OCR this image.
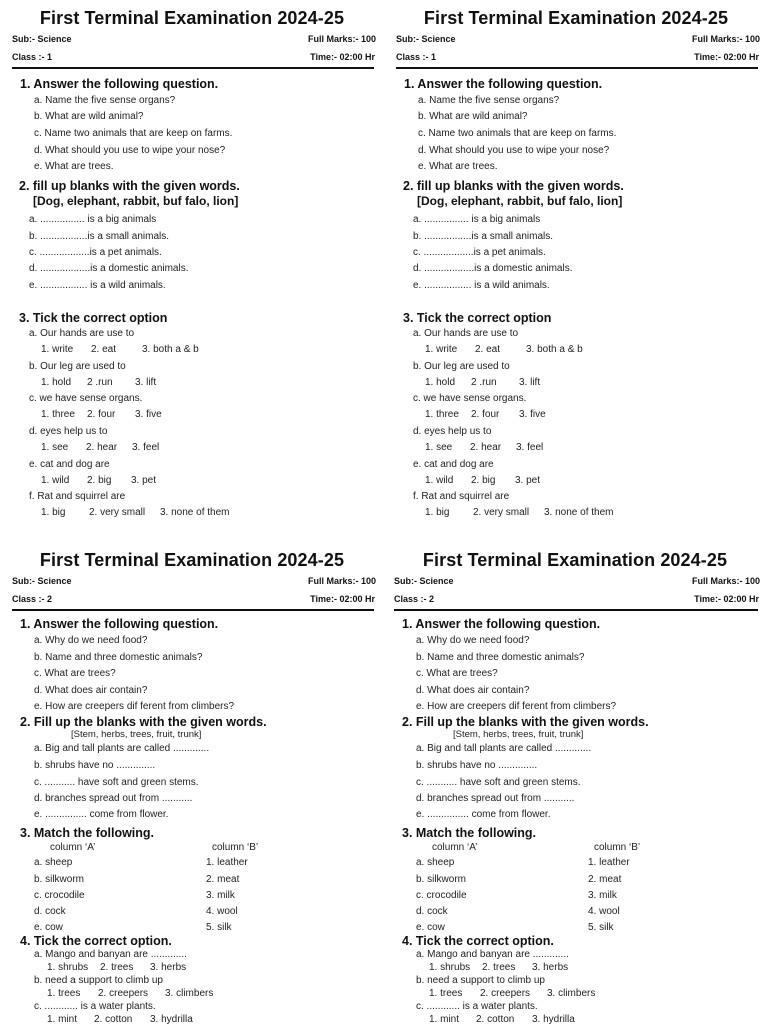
First Terminal Examination 2024-25
Sub:- Science	Full Marks:- 100
Class :- 1	Time:- 02:00 Hr
1. Answer the following question.
a. Name the five sense organs?
b. What are wild animal?
c. Name two animals that are keep on farms.
d. What should you use to wipe your nose?
e. What are trees.
2. fill up blanks with the given words.
[Dog, elephant, rabbit, buf falo, lion]
a. ................ is a big animals
b. .................is a small animals.
c. ..................is a pet animals.
d. ..................is a domestic animals.
e. ................. is a wild animals.
3. Tick the correct option
a. Our hands are use to
1. write 2. eat	3. both a & b
b. Our leg are used to
1. hold 2 .run 3. lift
c. we have sense organs.
1. three 2. four 3. five
d. eyes help us to
1. see 2. hear 3. feel
e. cat and dog are
1. wild 2. big 3. pet
f. Rat and squirrel are
1. big 2. very small 3. none of them
First Terminal Examination 2024-25
Sub:- Science	Full Marks:- 100
Class :- 1	Time:- 02:00 Hr
1. Answer the following question.
a. Name the five sense organs?
b. What are wild animal?
c. Name two animals that are keep on farms.
d. What should you use to wipe your nose?
e. What are trees.
2. fill up blanks with the given words.
[Dog, elephant, rabbit, buf falo, lion]
a. ................ is a big animals
b. .................is a small animals.
c. ..................is a pet animals.
d. ..................is a domestic animals.
e. ................. is a wild animals.
3. Tick the correct option
a. Our hands are use to
1. write 2. eat	3. both a & b
b. Our leg are used to
1. hold 2 .run 3. lift
c. we have sense organs.
1. three 2. four 3. five
d. eyes help us to
1. see 2. hear 3. feel
e. cat and dog are
1. wild 2. big 3. pet
f. Rat and squirrel are
1. big 2. very small 3. none of them
First Terminal Examination 2024-25
Sub:- Science	Full Marks:- 100
Class :- 2	Time:- 02:00 Hr
1. Answer the following question.
a. Why do we need food?
b. Name and three domestic animals?
c. What are trees?
d. What does air contain?
e. How are creepers dif ferent from climbers?
2. Fill up the blanks with the given words.
[Stem, herbs, trees, fruit, trunk]
a. Big and tall plants are called .............
b. shrubs have no ..............
c. ........... have soft and green stems.
d. branches spread out from ...........
e. ............... come from flower.
3. Match the following.
column ‘A’	column ‘B’
a. sheep	1. leather
b. silkworm	2. meat
c. crocodile	3. milk
d. cock	4. wool
e. cow	5. silk
4. Tick the correct option.
a. Mango and banyan are .............
1. shrubs 2. trees 3. herbs
b. need a support to climb up
1. trees 2. creepers 3. climbers
c. ............ is a water plants.
1. mint 2. cotton 3. hydrilla
First Terminal Examination 2024-25
Sub:- Science	Full Marks:- 100
Class :- 2	Time:- 02:00 Hr
1. Answer the following question.
a. Why do we need food?
b. Name and three domestic animals?
c. What are trees?
d. What does air contain?
e. How are creepers dif ferent from climbers?
2. Fill up the blanks with the given words.
[Stem, herbs, trees, fruit, trunk]
a. Big and tall plants are called .............
b. shrubs have no ..............
c. ........... have soft and green stems.
d. branches spread out from ...........
e. ............... come from flower.
3. Match the following.
column ‘A’	column ‘B’
a. sheep	1. leather
b. silkworm	2. meat
c. crocodile	3. milk
d. cock	4. wool
e. cow	5. silk
4. Tick the correct option.
a. Mango and banyan are .............
1. shrubs 2. trees 3. herbs
b. need a support to climb up
1. trees 2. creepers 3. climbers
c. ............ is a water plants.
1. mint 2. cotton 3. hydrilla
